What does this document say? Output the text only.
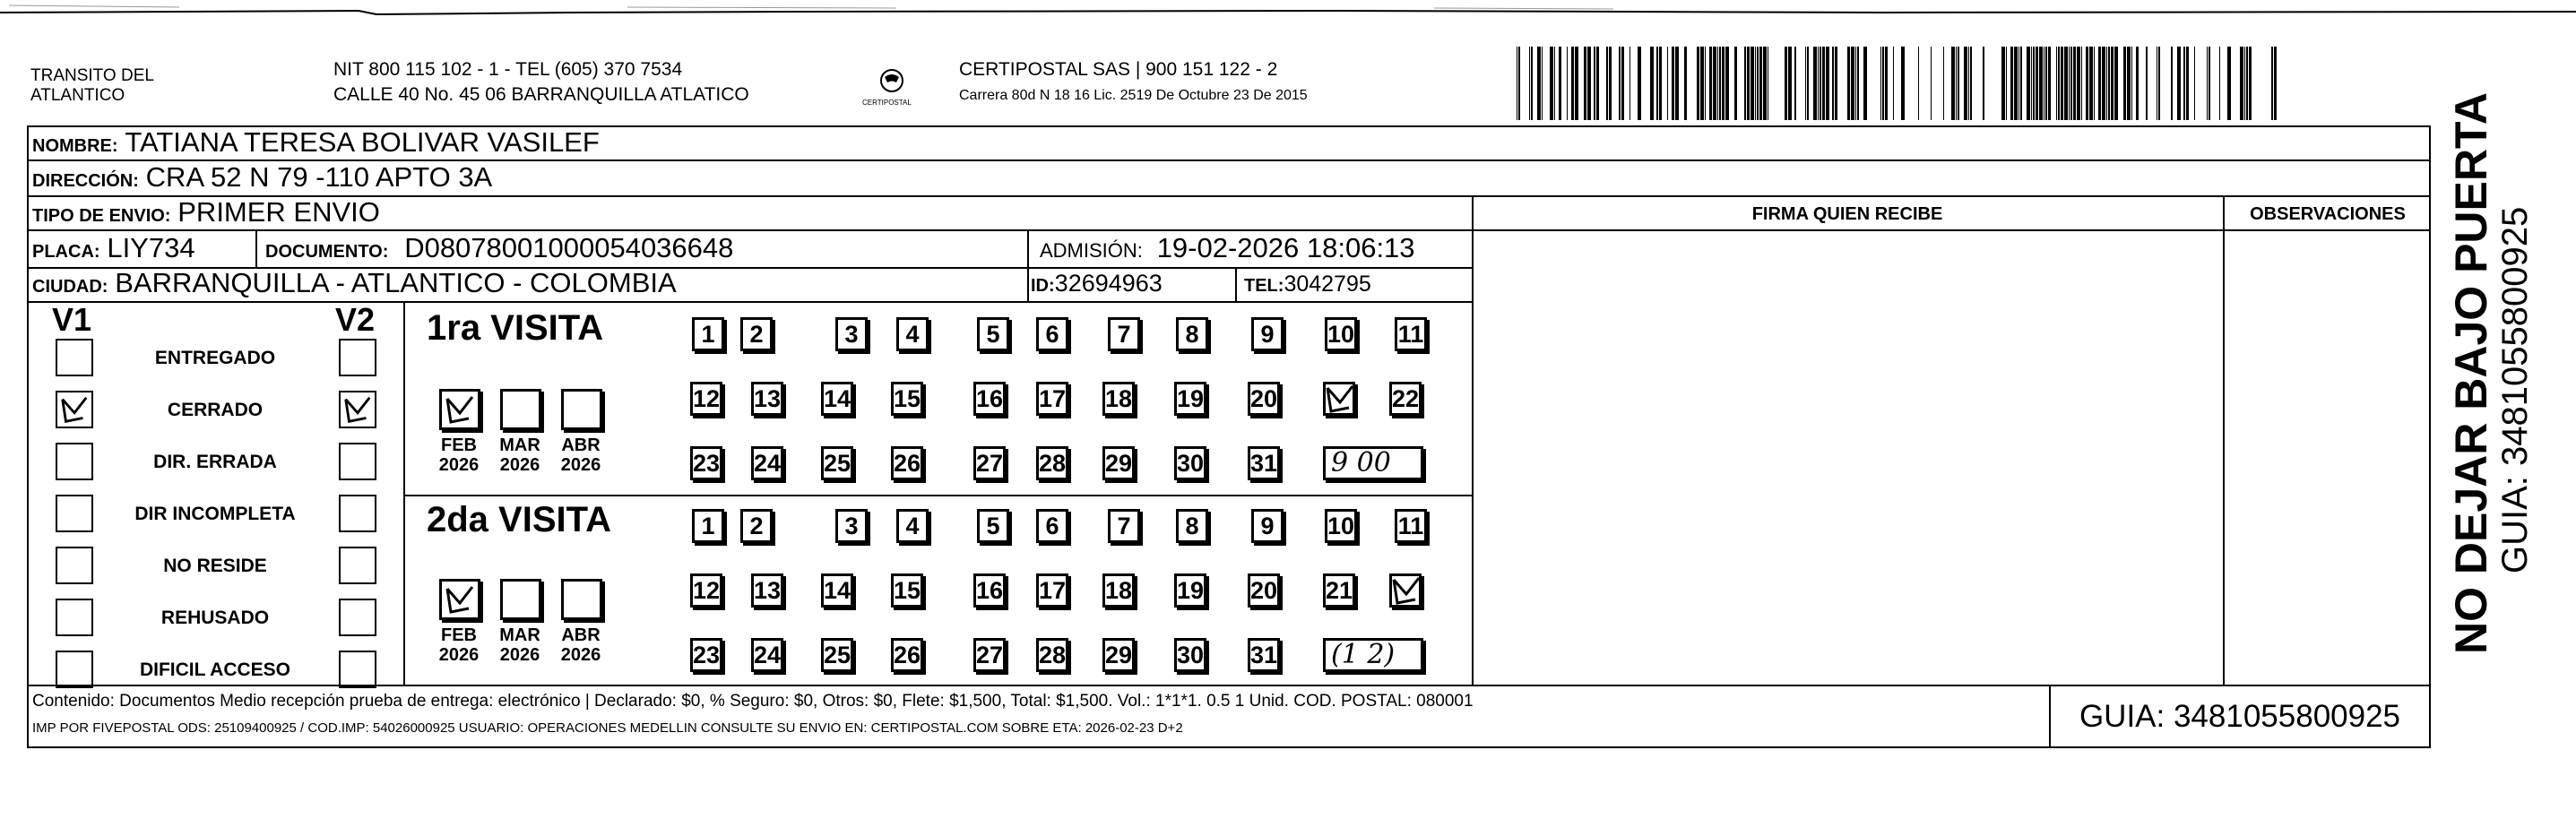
TRANSITO DEL
ATLANTICO
NIT 800 115 102 - 1 - TEL (605) 370 7534
CALLE 40 No. 45 06 BARRANQUILLA ATLATICO	CERTIPOSTAL
CERTIPOSTAL SAS | 900 151 122 - 2
Carrera 80d N 18 16 Lic. 2519 De Octubre 23 De 2015
NOMBRE: TATIANA TERESA BOLIVAR VASILEF
DIRECCIÓN: CRA 52 N 79 -110 APTO 3A
TIPO DE ENVIO: PRIMER ENVIO	FIRMA QUIEN RECIBE	OBSERVACIONES
PLACA: LIY734	DOCUMENTO: D08078001000054036648	ADMISIÓN: 19-02-2026 18:06:13
CIUDAD: BARRANQUILLA - ATLANTICO - COLOMBIA	ID:32694963	TEL:3042795
V1	V2
ENTREGADO
CERRADO
DIR. ERRADA
DIR INCOMPLETA
NO RESIDE
REHUSADO
DIFICIL ACCESO
1ra VISITA
2da VISITA
FEB
2026
MAR
2026
ABR
2026
FEB
2026
MAR
2026
ABR
2026
1	2	3	4	5	6	7	8	9	10 11
12 13 14 15 16 17 18 19 20	22
23 24 25 26 27 28 29 30 31	9 00
1	2	3	4	5	6	7	8	9	10 11
12 13 14 15 16 17 18 19 20 21
23 24 25 26 27 28 29 30 31	(1 2)
Contenido: Documentos Medio recepción prueba de entrega: electrónico | Declarado: $0, % Seguro: $0, Otros: $0, Flete: $1,500, Total: $1,500. Vol.: 1*1*1. 0.5 1 Unid. COD. POSTAL: 080001
IMP POR FIVEPOSTAL ODS: 25109400925 / COD.IMP: 54026000925 USUARIO: OPERACIONES MEDELLIN CONSULTE SU ENVIO EN: CERTIPOSTAL.COM SOBRE ETA: 2026-02-23 D+2	GUIA: 3481055800925
NO DEJAR BAJO PUERTA GUIA: 3481055800925
